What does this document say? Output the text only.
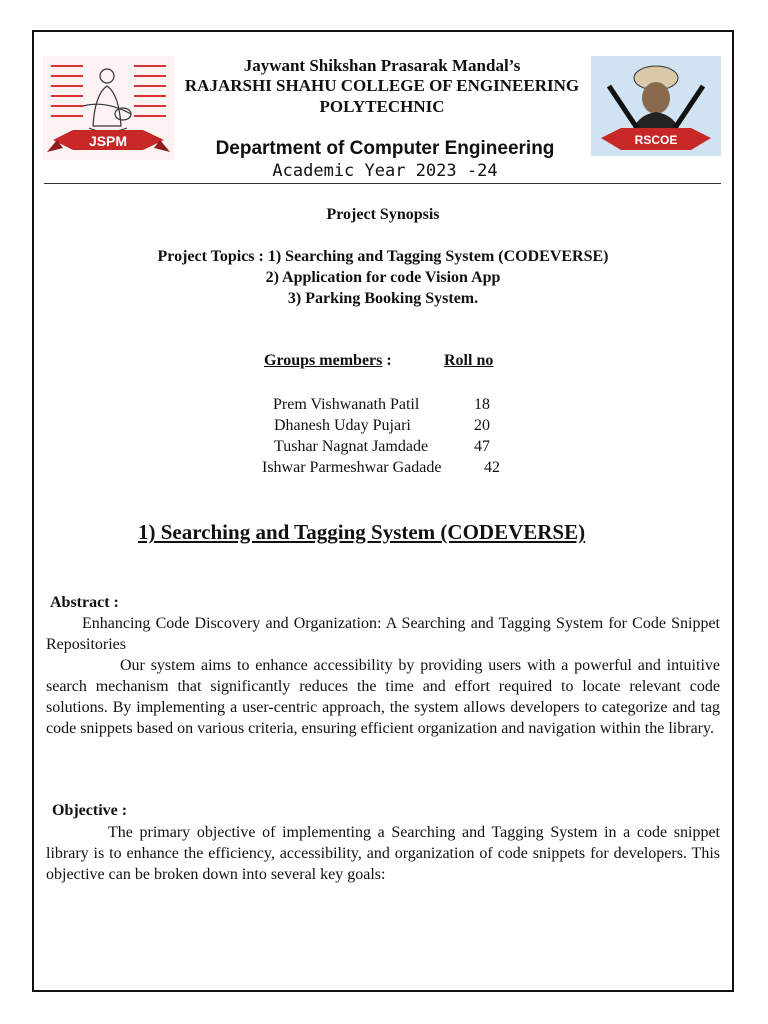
JSPM	RSCOE
Jaywant Shikshan Prasarak Mandal’s
RAJARSHI SHAHU COLLEGE OF ENGINEERING
POLYTECHNIC
Department of Computer Engineering
Academic Year 2023 -24
Project Synopsis
Project Topics : 1) Searching and Tagging System (CODEVERSE)
2) Application for code Vision App
3) Parking Booking System.
Groups members :	Roll no
Prem Vishwanath Patil	18
Dhanesh Uday Pujari	20
Tushar Nagnat Jamdade	47
Ishwar Parmeshwar Gadade	42
1) Searching and Tagging System (CODEVERSE)
Abstract :
Enhancing Code Discovery and Organization: A Searching and Tagging System for Code Snippet Repositories
Our system aims to enhance accessibility by providing users with a powerful and intuitive search mechanism that significantly reduces the time and effort required to locate relevant code solutions. By implementing a user-centric approach, the system allows developers to categorize and tag code snippets based on various criteria, ensuring efficient organization and navigation within the library.
Objective :
The primary objective of implementing a Searching and Tagging System in a code snippet library is to enhance the efficiency, accessibility, and organization of code snippets for developers. This objective can be broken down into several key goals:
